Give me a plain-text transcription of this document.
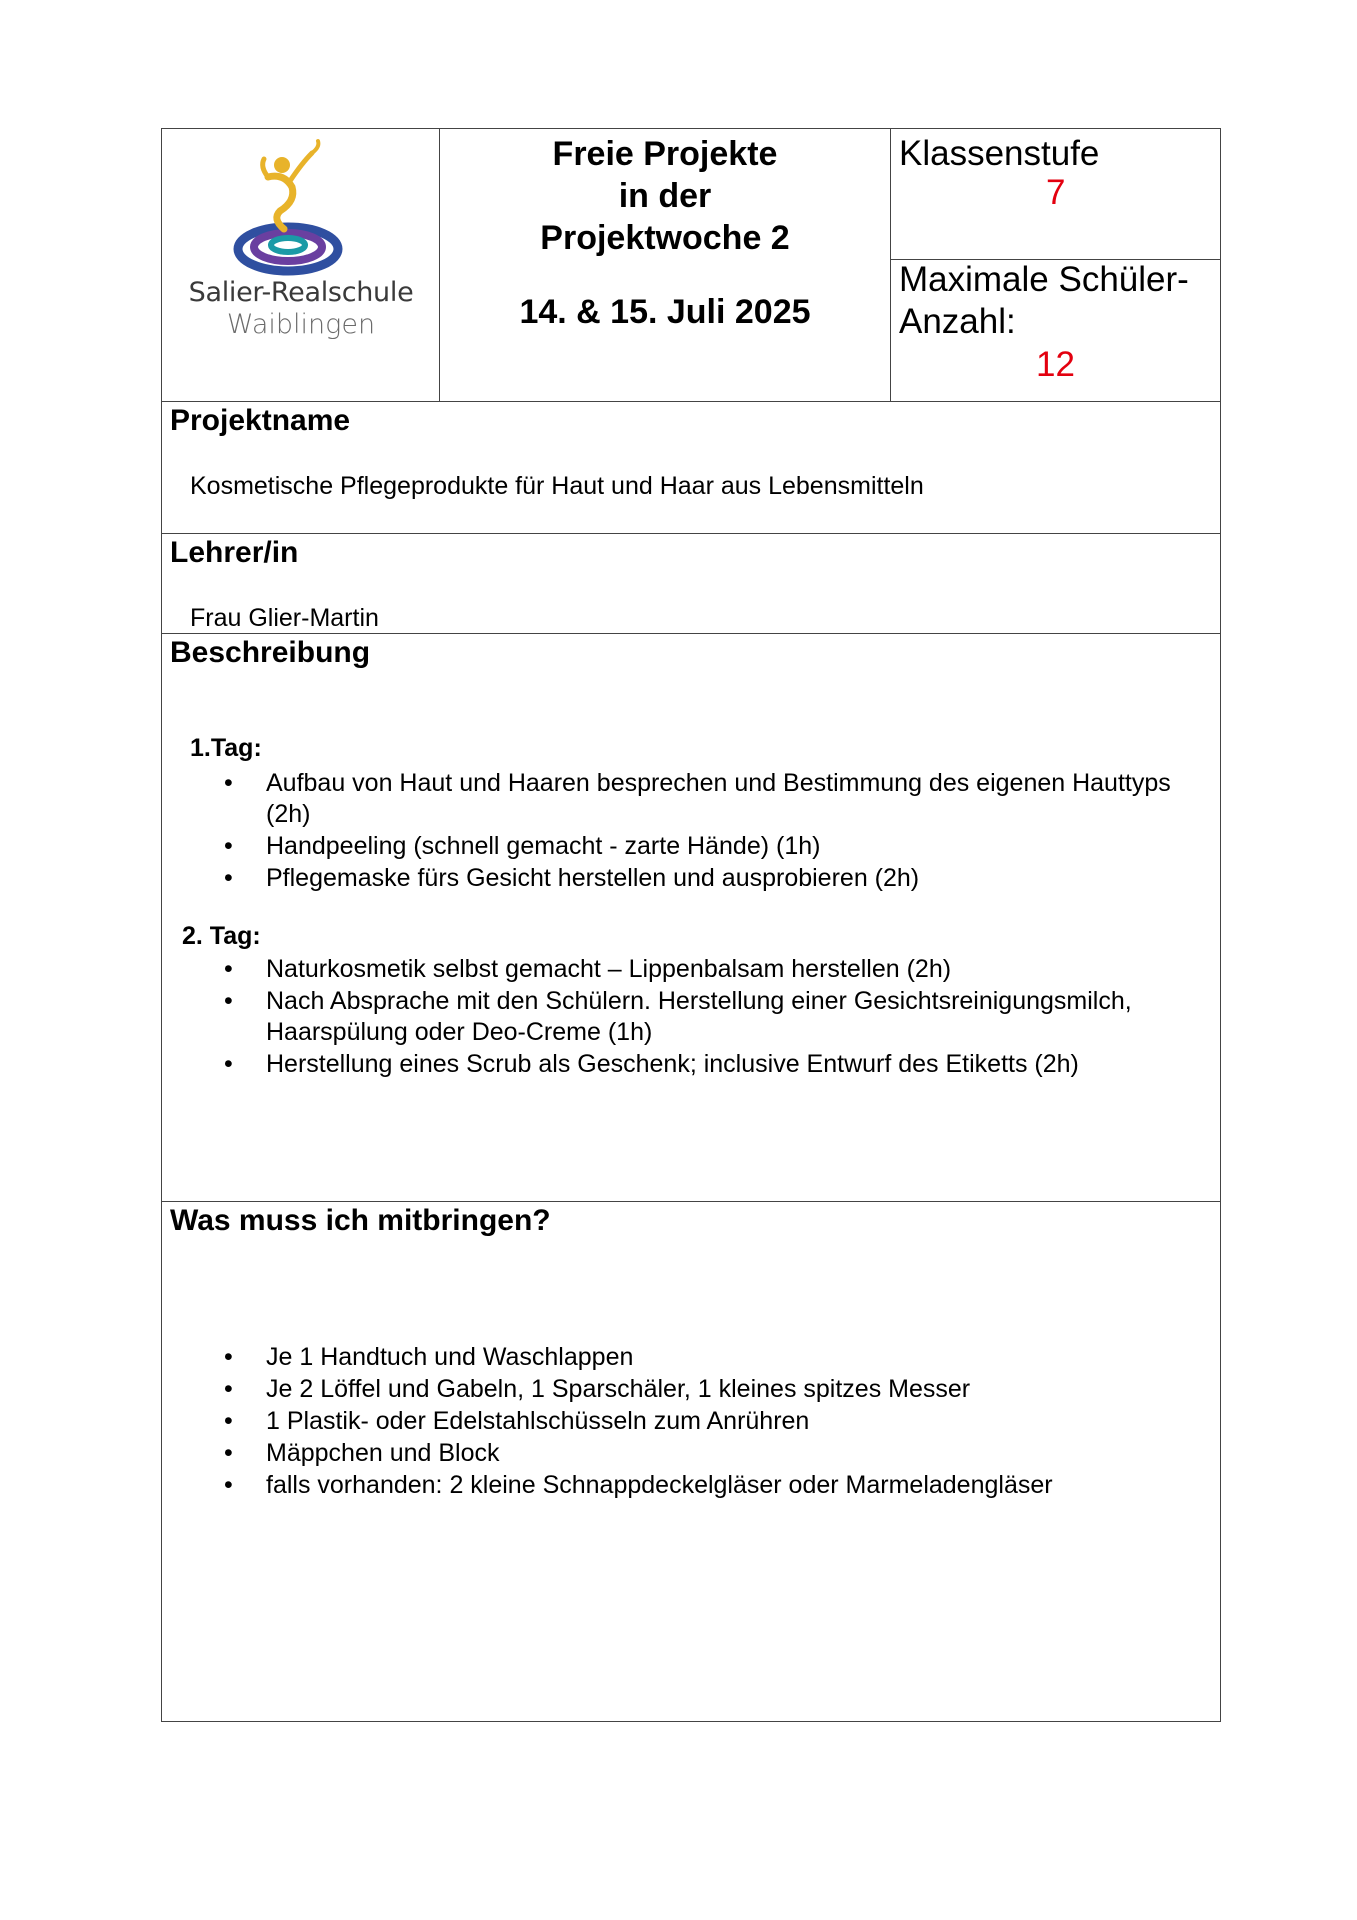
Salier-Realschule
Waiblingen
Freie Projekte
in der
Projektwoche 2
14. & 15. Juli 2025
Klassenstufe
7
Maximale Schüler-
Anzahl:
12
Projektname
Kosmetische Pflegeprodukte für Haut und Haar aus Lebensmitteln
Lehrer/in
Frau Glier-Martin
Beschreibung
1.Tag:
• Aufbau von Haut und Haaren besprechen und Bestimmung des eigenen Hauttyps (2h)
• Handpeeling (schnell gemacht - zarte Hände) (1h)
• Pflegemaske fürs Gesicht herstellen und ausprobieren (2h)
2. Tag:
• Naturkosmetik selbst gemacht – Lippenbalsam herstellen (2h)
• Nach Absprache mit den Schülern. Herstellung einer Gesichtsreinigungsmilch, Haarspülung oder Deo-Creme (1h)
• Herstellung eines Scrub als Geschenk; inclusive Entwurf des Etiketts (2h)
Was muss ich mitbringen?
• Je 1 Handtuch und Waschlappen
• Je 2 Löffel und Gabeln, 1 Sparschäler, 1 kleines spitzes Messer
• 1 Plastik- oder Edelstahlschüsseln zum Anrühren
• Mäppchen und Block
• falls vorhanden: 2 kleine Schnappdeckelgläser oder Marmeladengläser
